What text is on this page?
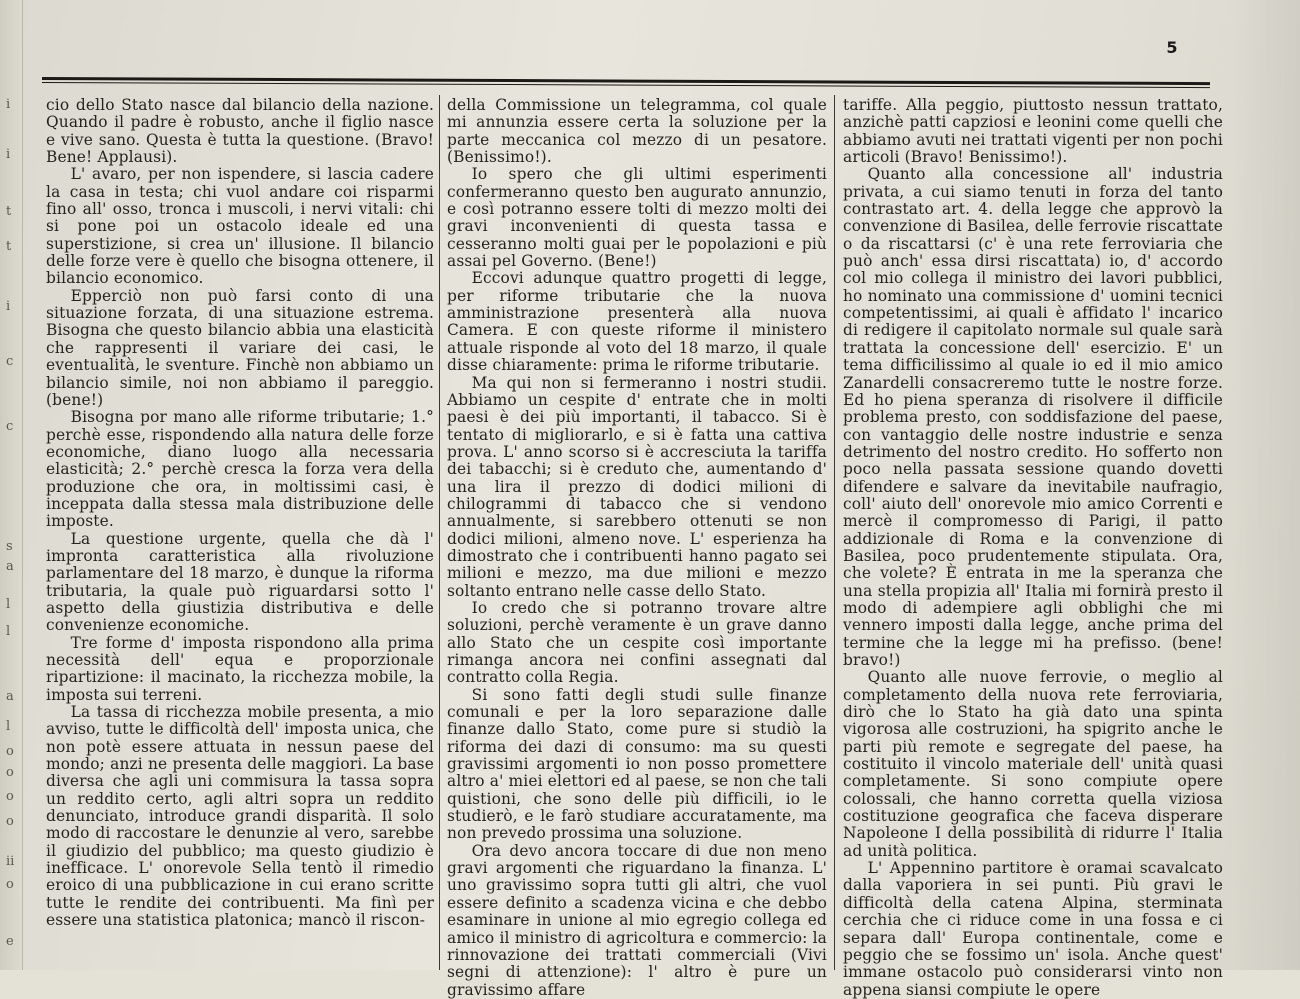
i
i
t
t
i
c
c
s
a
l
l
a
l
o
o
o
o
ii
o
e
5

cio dello Stato nasce dal bilancio della nazione. Quando il padre è robusto, anche il figlio nasce e vive sano. Questa è tutta la questione. (Bravo! Bene! Applausi).

L' avaro, per non ispendere, si lascia cadere la casa in testa; chi vuol andare coi risparmi fino all' osso, tronca i muscoli, i nervi vitali: chi si pone poi un ostacolo ideale ed una superstizione, si crea un' illusione. Il bilancio delle forze vere è quello che bisogna ottenere, il bilancio economico.

Epperciò non può farsi conto di una situazione forzata, di una situazione estrema. Bisogna che questo bilancio abbia una elasticità che rappresenti il variare dei casi, le eventualità, le sventure. Finchè non abbiamo un bilancio simile, noi non abbiamo il pareggio. (bene!)

Bisogna por mano alle riforme tributarie; 1.° perchè esse, rispondendo alla natura delle forze economiche, diano luogo alla necessaria elasticità; 2.° perchè cresca la forza vera della produzione che ora, in moltissimi casi, è inceppata dalla stessa mala distribuzione delle imposte.

La questione urgente, quella che dà l' impronta caratteristica alla rivoluzione parlamentare del 18 marzo, è dunque la riforma tributaria, la quale può riguardarsi sotto l' aspetto della giustizia distributiva e delle convenienze economiche.

Tre forme d' imposta rispondono alla prima necessità dell' equa e proporzionale ripartizione: il macinato, la ricchezza mobile, la imposta sui terreni.

La tassa di ricchezza mobile presenta, a mio avviso, tutte le difficoltà dell' imposta unica, che non potè essere attuata in nessun paese del mondo; anzi ne presenta delle maggiori. La base diversa che agli uni commisura la tassa sopra un reddito certo, agli altri sopra un reddito denunciato, introduce grandi disparità. Il solo modo di raccostare le denunzie al vero, sarebbe il giudizio del pubblico; ma questo giudizio è inefficace. L' onorevole Sella tentò il rimedio eroico di una pubblicazione in cui erano scritte tutte le rendite dei contribuenti. Ma finì per essere una statistica platonica; mancò il riscon-

della Commissione un telegramma, col quale mi annunzia essere certa la soluzione per la parte meccanica col mezzo di un pesatore. (Benissimo!).

Io spero che gli ultimi esperimenti confermeranno questo ben augurato annunzio, e così potranno essere tolti di mezzo molti dei gravi inconvenienti di questa tassa e cesseranno molti guai per le popolazioni e più assai pel Governo. (Bene!)

Eccovi adunque quattro progetti di legge, per riforme tributarie che la nuova amministrazione presenterà alla nuova Camera. E con queste riforme il ministero attuale risponde al voto del 18 marzo, il quale disse chiaramente: prima le riforme tributarie.

Ma qui non si fermeranno i nostri studii. Abbiamo un cespite d' entrate che in molti paesi è dei più importanti, il tabacco. Si è tentato di migliorarlo, e si è fatta una cattiva prova. L' anno scorso si è accresciuta la tariffa dei tabacchi; si è creduto che, aumentando d' una lira il prezzo di dodici milioni di chilogrammi di tabacco che si vendono annualmente, si sarebbero ottenuti se non dodici milioni, almeno nove. L' esperienza ha dimostrato che i contribuenti hanno pagato sei milioni e mezzo, ma due milioni e mezzo soltanto entrano nelle casse dello Stato.

Io credo che si potranno trovare altre soluzioni, perchè veramente è un grave danno allo Stato che un cespite così importante rimanga ancora nei confini assegnati dal contratto colla Regia.

Si sono fatti degli studi sulle finanze comunali e per la loro separazione dalle finanze dallo Stato, come pure si studiò la riforma dei dazi di consumo: ma su questi gravissimi argomenti io non posso promettere altro a' miei elettori ed al paese, se non che tali quistioni, che sono delle più difficili, io le studierò, e le farò studiare accuratamente, ma non prevedo prossima una soluzione.

Ora devo ancora toccare di due non meno gravi argomenti che riguardano la finanza. L' uno gravissimo sopra tutti gli altri, che vuol essere definito a scadenza vicina e che debbo esaminare in unione al mio egregio collega ed amico il ministro di agricoltura e commercio: la rinnovazione dei trattati commerciali (Vivi segni di attenzione): l' altro è pure un gravissimo affare

tariffe. Alla peggio, piuttosto nessun trattato, anzichè patti capziosi e leonini come quelli che abbiamo avuti nei trattati vigenti per non pochi articoli (Bravo! Benissimo!).

Quanto alla concessione all' industria privata, a cui siamo tenuti in forza del tanto contrastato art. 4. della legge che approvò la convenzione di Basilea, delle ferrovie riscattate o da riscattarsi (c' è una rete ferroviaria che può anch' essa dirsi riscattata) io, d' accordo col mio collega il ministro dei lavori pubblici, ho nominato una commissione d' uomini tecnici competentissimi, ai quali è affidato l' incarico di redigere il capitolato normale sul quale sarà trattata la concessione dell' esercizio. E' un tema difficilissimo al quale io ed il mio amico Zanardelli consacreremo tutte le nostre forze. Ed ho piena speranza di risolvere il difficile problema presto, con soddisfazione del paese, con vantaggio delle nostre industrie e senza detrimento del nostro credito. Ho sofferto non poco nella passata sessione quando dovetti difendere e salvare da inevitabile naufragio, coll' aiuto dell' onorevole mio amico Correnti e mercè il compromesso di Parigi, il patto addizionale di Roma e la convenzione di Basilea, poco prudentemente stipulata. Ora, che volete? È entrata in me la speranza che una stella propizia all' Italia mi fornirà presto il modo di adempiere agli obblighi che mi vennero imposti dalla legge, anche prima del termine che la legge mi ha prefisso. (bene! bravo!)

Quanto alle nuove ferrovie, o meglio al completamento della nuova rete ferroviaria, dirò che lo Stato ha già dato una spinta vigorosa alle costruzioni, ha spigrito anche le parti più remote e segregate del paese, ha costituito il vincolo materiale dell' unità quasi completamente. Si sono compiute opere colossali, che hanno corretta quella viziosa costituzione geografica che faceva disperare Napoleone I della possibilità di ridurre l' Italia ad unità politica.

L' Appennino partitore è oramai scavalcato dalla vaporiera in sei punti. Più gravi le difficoltà della catena Alpina, sterminata cerchia che ci riduce come in una fossa e ci separa dall' Europa continentale, come e peggio che se fossimo un' isola. Anche quest' immane ostacolo può considerarsi vinto non appena siansi compiute le opere
